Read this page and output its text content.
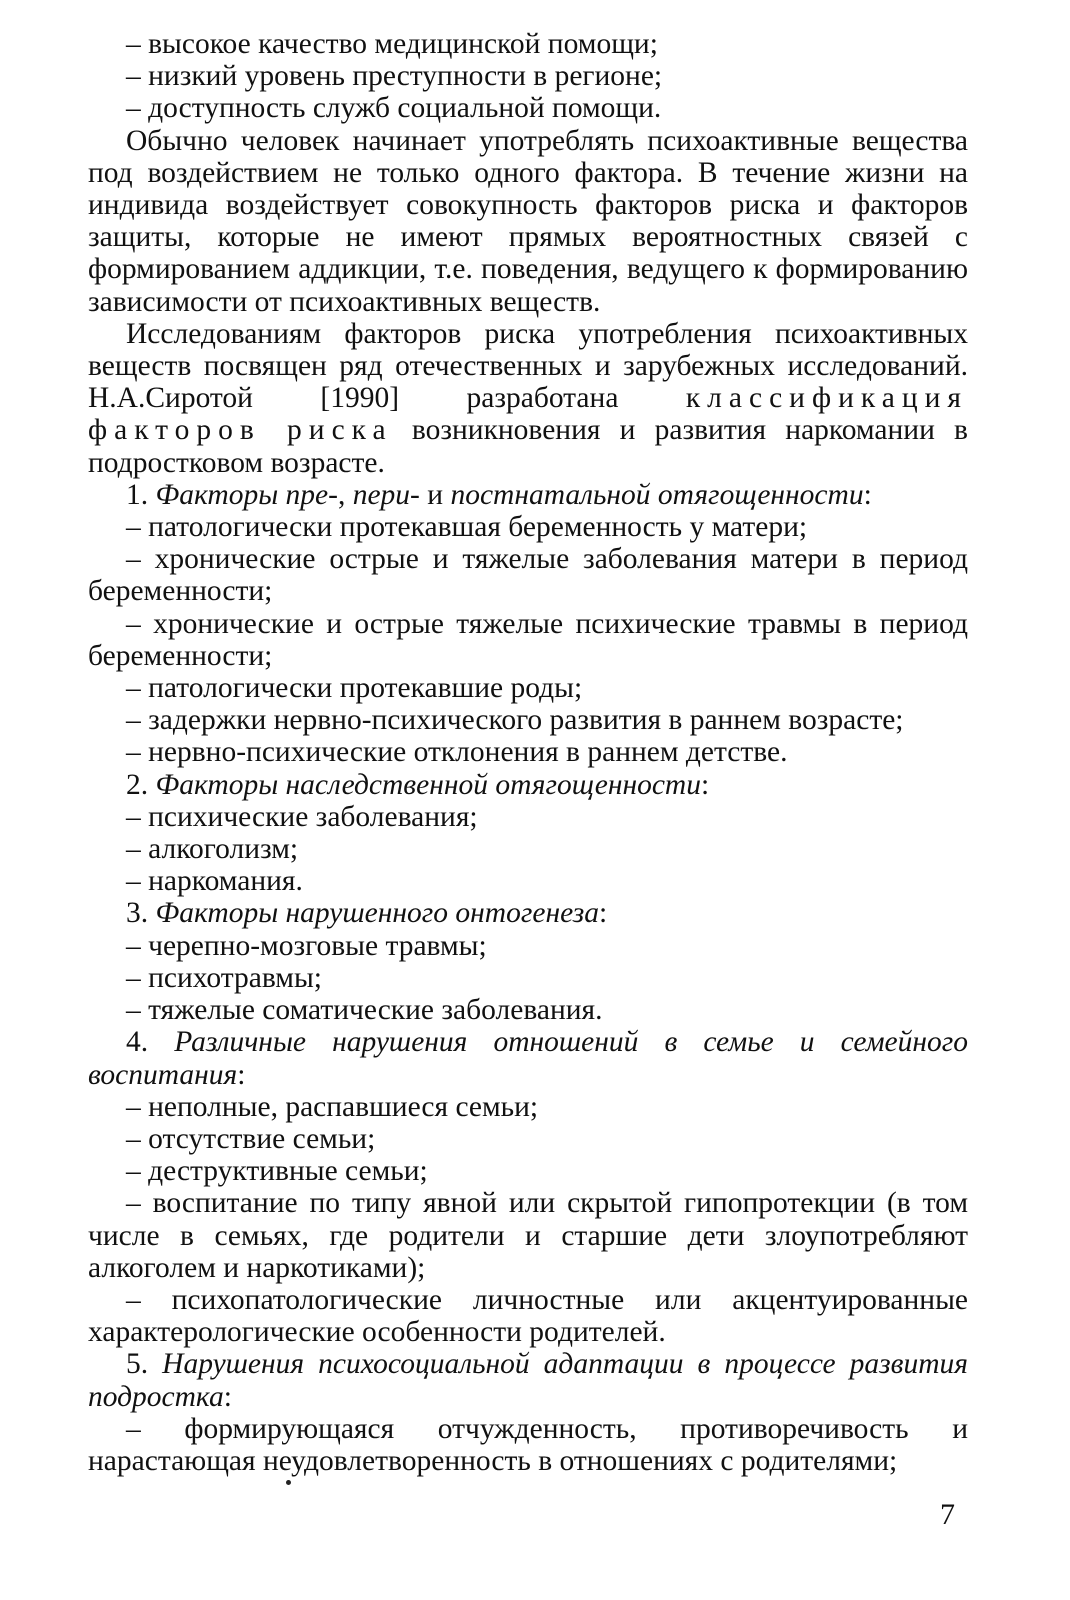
– высокое качество медицинской помощи;

– низкий уровень преступности в регионе;

– доступность служб социальной помощи.

Обычно человек начинает употреблять психоактивные вещества под воздействием не только одного фактора. В течение жизни на индивида воздействует совокупность факторов риска и факторов защиты, которые не имеют прямых вероятностных связей с формированием аддикции, т.е. поведения, ведущего к формированию зависимости от психоактивных веществ.

Исследованиям факторов риска употребления психоактивных веществ посвящен ряд отечественных и зарубежных исследований. Н.А.Сиротой [1990] разработана классификация факторов риска возникновения и развития наркомании в подростковом возрасте.

1. Факторы пре-, пери- и постнатальной отягощенности:

– патологически протекавшая беременность у матери;

– хронические острые и тяжелые заболевания матери в период беременности;

– хронические и острые тяжелые психические травмы в период беременности;

– патологически протекавшие роды;

– задержки нервно-психического развития в раннем возрасте;

– нервно-психические отклонения в раннем детстве.

2. Факторы наследственной отягощенности:

– психические заболевания;

– алкоголизм;

– наркомания.

3. Факторы нарушенного онтогенеза:

– черепно-мозговые травмы;

– психотравмы;

– тяжелые соматические заболевания.

4. Различные нарушения отношений в семье и семейного воспитания:

– неполные, распавшиеся семьи;

– отсутствие семьи;

– деструктивные семьи;

– воспитание по типу явной или скрытой гипопротекции (в том числе в семьях, где родители и старшие дети злоупотребляют алкоголем и наркотиками);

– психопатологические личностные или акцентуированные характерологические особенности родителей.

5. Нарушения психосоциальной адаптации в процессе развития подростка:

– формирующаяся отчужденность, противоречивость и нарастающая неудовлетворенность в отношениях с родителями;

7
